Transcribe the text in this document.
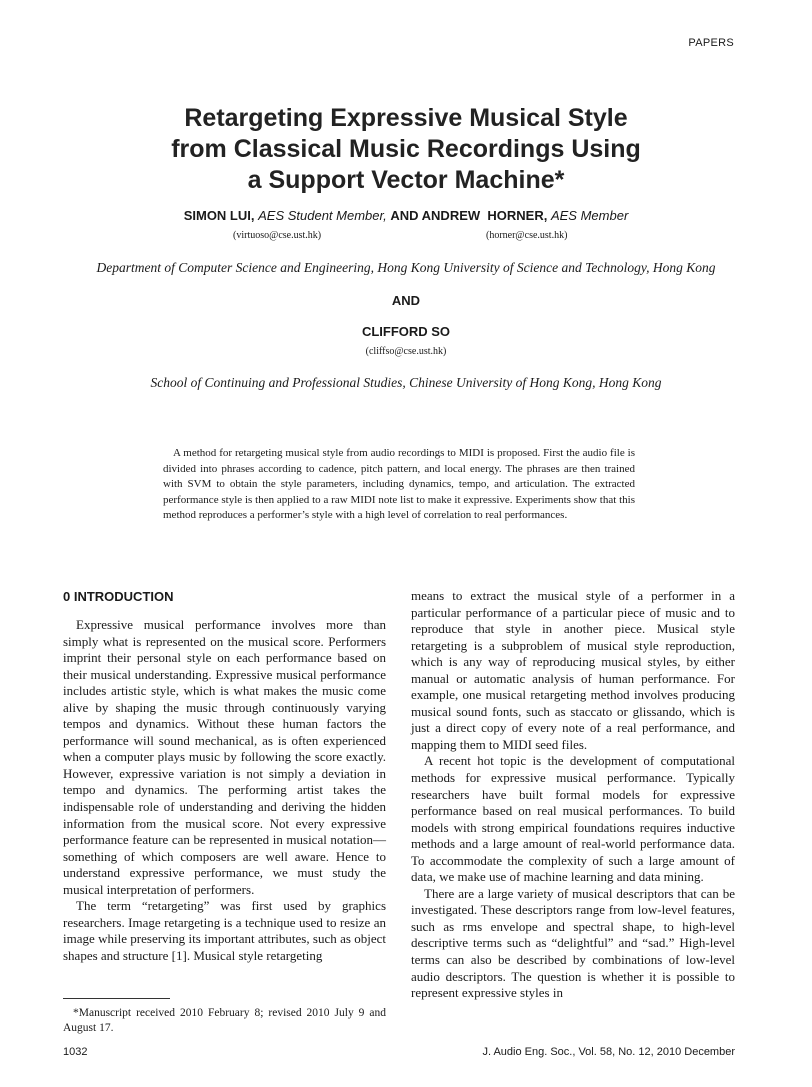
PAPERS
Retargeting Expressive Musical Style
from Classical Music Recordings Using
a Support Vector Machine*
SIMON LUI, AES Student Member, AND ANDREW HORNER, AES Member
(virtuoso@cse.ust.hk)	(horner@cse.ust.hk)
Department of Computer Science and Engineering, Hong Kong University of Science and Technology, Hong Kong
AND
CLIFFORD SO
(cliffso@cse.ust.hk)
School of Continuing and Professional Studies, Chinese University of Hong Kong, Hong Kong
A method for retargeting musical style from audio recordings to MIDI is proposed. First the audio file is divided into phrases according to cadence, pitch pattern, and local energy. The phrases are then trained with SVM to obtain the style parameters, including dynamics, tempo, and articulation. The extracted performance style is then applied to a raw MIDI note list to make it expressive. Experiments show that this method reproduces a performer’s style with a high level of correlation to real performances.
0 INTRODUCTION

Expressive musical performance involves more than simply what is represented on the musical score. Performers imprint their personal style on each performance based on their musical understanding. Expressive musical performance includes artistic style, which is what makes the music come alive by shaping the music through continuously varying tempos and dynamics. Without these human factors the performance will sound mechanical, as is often experienced when a computer plays music by following the score exactly. However, expressive variation is not simply a deviation in tempo and dynamics. The performing artist takes the indispensable role of understanding and deriving the hidden information from the musical score. Not every expressive performance feature can be represented in musical notation—something of which composers are well aware. Hence to understand expressive performance, we must study the musical interpretation of performers.

The term “retargeting” was first used by graphics researchers. Image retargeting is a technique used to resize an image while preserving its important attributes, such as object shapes and structure [1]. Musical style retargeting

means to extract the musical style of a performer in a particular performance of a particular piece of music and to reproduce that style in another piece. Musical style retargeting is a subproblem of musical style reproduction, which is any way of reproducing musical styles, by either manual or automatic analysis of human performance. For example, one musical retargeting method involves producing musical sound fonts, such as staccato or glissando, which is just a direct copy of every note of a real performance, and mapping them to MIDI seed files.

A recent hot topic is the development of computational methods for expressive musical performance. Typically researchers have built formal models for expressive performance based on real musical performances. To build models with strong empirical foundations requires inductive methods and a large amount of real-world performance data. To accommodate the complexity of such a large amount of data, we make use of machine learning and data mining.

There are a large variety of musical descriptors that can be investigated. These descriptors range from low-level features, such as rms envelope and spectral shape, to high-level descriptive terms such as “delightful” and “sad.” High-level terms can also be described by combinations of low-level audio descriptors. The question is whether it is possible to represent expressive styles in

*Manuscript received 2010 February 8; revised 2010 July 9 and August 17.
1032	J. Audio Eng. Soc., Vol. 58, No. 12, 2010 December
